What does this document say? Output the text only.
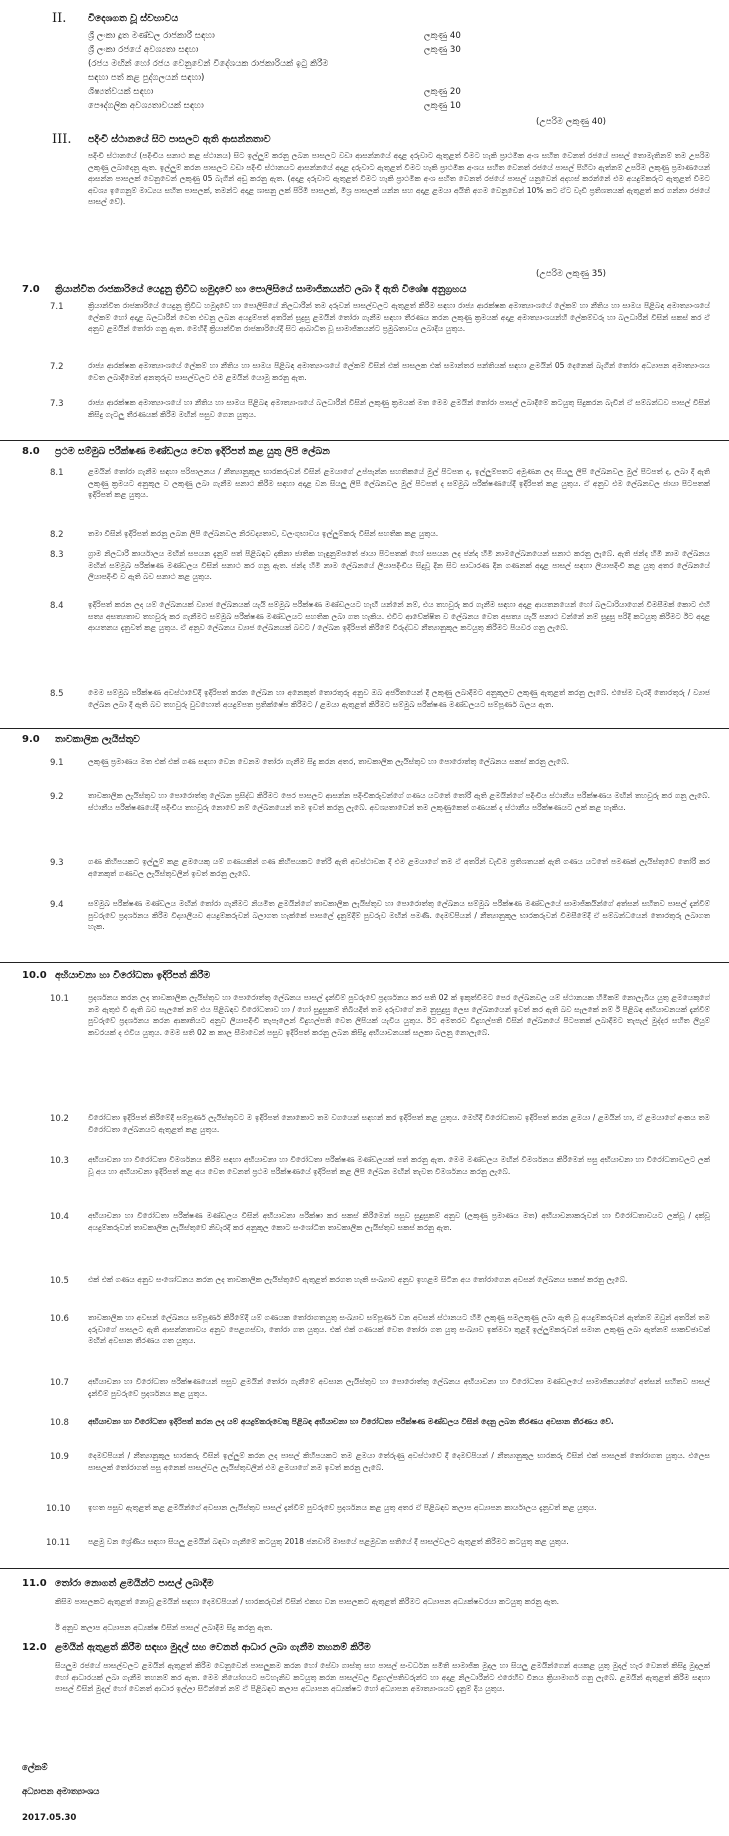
II. විදෙශගත වූ ස්වභාවය
ශ්‍රී ලංකා දූත මණ්ඩල රාජකාරී සඳහා	ලකුණු 40
ශ්‍රී ලංකා රජයේ අවශ්‍යතා සඳහා	ලකුණු 30
(රජය මඟින් හෝ රජය වෙනුවෙන් විදේශයක රාජකාරියක් ඉටු කිරීම
සඳහා පත් කළ පුද්ගලයන් සඳහා)
ශිෂ්‍යත්වයක් සඳහා	ලකුණු 20
පෞද්ගලික අවශ්‍යතාවයක් සඳහා	ලකුණු 10
(උපරිම ලකුණු 40)
III. පදිංචි ස්ථානයේ සිට පාසලට ඇති ආසන්නතාව
පදිංචි ස්ථානයේ (පදිංචිය සනාථ කළ ස්ථානය) සිට ඉල්ලුම් කරනු ලබන පාසලට වඩා ආසන්නයේ අදාළ දරුවාට ඇතුළත් වීමට හැකි ප්‍රාථමික අංශ සහිත වෙනත් රජයේ පාසල් තොමැතිනම් තම උපරිම ලකුණු ලබාදෙනු ඇත. ඉල්ලුම් කරන පාසලට වඩා පදිංචි ස්ථානයට ආසන්නයේ අදාළ දරුවාට ඇතුළත් වීමට හැකි ප්‍රාථමික අංශය සහිත වෙනත් රජයේ පාසල් පිහිටා ඇත්නම් උපරිම ලකුණු ප්‍රමාණයෙන් ආසන්න පාසලක් වෙනුවෙන් ලකුණු 05 බැගින් අඩු කරනු ඇත. (අදාළ දරුවාට ඇතුළත් විමට හැකි ප්‍රාථමික අංශ සහිත වෙනත් රජයේ පාසල් යනුවෙන් අදහස් කරන්නේ එම අයදුම්කරුට ඇතුළත් විමට අවශ්‍ය ඉගෙනුම් මාධ්‍යය සහිත පාසලක්, තමන්ට අදාළ ශාසනු ලක් පිරිමි පාසලක්, මිශ්‍ර පාසලක් යන්න සහ අදාළ ළමයා අයිති අගම වෙනුවෙන් 10% කට ඒට වැඩි ප්‍රතිශතයක් ඇතුළත් කර ගන්නා රජයේ පාසල් වේ).
(උපරිම ලකුණු 35)
7.0 ක්‍රියාන්විත රාජකාරියේ යෙදුනු ත්‍රිවිධ හමුදාවේ හා පොලිසියේ සාමාජිකයන්ට ලබා දී ඇති විශේෂ අනුග්‍රහය
7.1	ක්‍රියාන්විත රාජකාරියේ යෙදුනු ත්‍රිවිධ හමුදාවේ හා පොලිසියේ නිලධාරීන් තම දරුවන් පාසල්වලට ඇතුළත් කිරීම සඳහා රාජ්‍ය ආරක්ෂක අමාත්‍යාංශයේ ලේකම් හා නීතිය හා සාමය පිළිබඳ අමාත්‍යාංශයේ ලේකම් හෝ අදාළ බලධාරීන් වෙත එවනු ලබන අයදුම්පත් අතරින් සුදුසු ළමයින් තෝරා ගැනීම සඳහා තීරණය කරන ලකුණු ක්‍රමයක් අදාළ අමාත්‍යාංශයන්හි ලේකම්වරු හා බලධාරීන් විසින් සකස් කර ඒ අනුව ළමයින් තෝරා ගනු ඇත. මෙහිදී ක්‍රියාන්විත රාජකාරියේදී සිට ආබාධිත වූ සාමාජිකයන්ට ප්‍රමුඛතාවය ලබාදිය යුතුය.
7.2	රාජ්‍ය ආරක්ෂක අමාත්‍යාංශයේ ලේකම් හා නීතිය හා සාමය පිළිබඳ අමාත්‍යාංශයේ ලේකම් විසින් එක් පාසලක එක් සමාන්තර පන්තියක් සඳහා ළමයින් 05 දෙනෙක් බැගින් තෝරා අධ්‍යාපන අමාත්‍යාංශය වෙත ලබාදීමෙන් අනතුරුව පාසල්වලට එම ළමයින් යොමු කරනු ඇත.
7.3	රාජ්‍ය ආරක්ෂක අමාත්‍යාංශයේ හා නීතිය හා සාමය පිළිබඳ අමාත්‍යාංශයේ බලධාරීන් විසින් ලකුණු ක්‍රමයක් මත මෙම ළමයින් තෝරා පාසල් ලබාදීමේ කටයුතු සිදුකරන බැවින් ඒ සම්බන්ධව පාසල් විසින් කිසිදු ගැටලු තීරණයක් කිරීම මඟින් පසුව ගෙන යුතුය.
8.0 ප්‍රථම සම්මුඛ පරීක්ෂණ මණ්ඩලය වෙත ඉදිරිපත් කළ යුතු ලිපි ලේඛන
8.1	ළමයින් තෝරා ගැනීම සඳහා පරිපාලනය / නීත්‍යානුකූල භාරකරුවන් විසින් ළමයාගේ උප්පැන්න සහතිකයේ මුල් පිටපත ද, ඉල්ලුම්පතට අමුණන ලද සියලු ලිපි ලේඛනවල මුල් පිටපත් ද, ලබා දී ඇති ලකුණු ක්‍රමයට අනුකූල ව ලකුණු ලබා ගැනීම සනාථ කිරීම සඳහා අදාළ වන සියලු ලිපි ලේඛනවල මුල් පිටපත් ද සම්මුඛ පරීක්ෂණයේදී ඉදිරිපත් කළ යුතුය. ඒ අනුව එම ලේඛනවල ජායා පිටපතක් ඉදිරිපත් කළ යුතුය.
8.2	තමා විසින් ඉදිරිපත් කරනු ලබන ලිපි ලේඛනවල නිරවද්‍යතාව, වලංගුභාවය ඉල්ලුම්කරු විසින් සහතික කළ යුතුය.
8.3	ග්‍රාම නිලධාරී කාර්යාලය මඟින් සපයන දැනුම් පත් පිළිබඳව දකිනා ජාතික හැඳුනුම්පතේ ඡායා පිටපතක් හෝ සපයන ලද ජන්ද හිමි නාමලේඛනයෙන් සනාථ කරනු ලැබේ. ඇති ජන්ද හිමි නාම ලේඛනය මඟින් සම්මුඛ පරීක්ෂණ මණ්ඩලය විසින් සනාථ කර ගනු ඇත. ජන්ද හිමි නාම ලේඛනයේ ලියාපදිංචිය සිදුවූ දින සිට සාධාරණ දින ගණනක් අදාළ පාසල් සඳහා ලියාපදිංචි කළ යුතු අතර ලේඛනයේ ලියාපදිංචි ව ඇති බව සනාථ කළ යුතුය.
8.4	ඉදිරිපත් කරන ලද යම් ලේඛනයක් ව්‍යාජ ලේඛනයක් යැයි සම්මුඛ පරීක්ෂණ මණ්ඩලයට හැඟී යන්නේ නම්, එය තහවුරු කර ගැනීම සඳහා අදාළ ආයතනයෙන් හෝ බලධාරියාගෙන් විමසීමක් කොට එහි සත්‍ය අසත්‍යතාව තහවුරු කර ගැනීමට සම්මුඛ පරීක්ෂණ මණ්ඩලයට සහතික ලබා ගත හැකිය. එවිට ආවේක්ෂිත ව ලේඛනය වෙත අසත්‍ය යැයි සනාථ වන්නේ නම් සුදුසු පරිදි කටයුතු කිරීමට ඊට අදාළ ආයතනය දැනුවත් කළ යුතුය. ඒ අනුව ලේඛනය ව්‍යාජ ලේඛනයක් බවට / ලේඛන ඉදිරිපත් කිරීමේ විරුද්ධව නීත්‍යානුකූල කටයුතු කිරීමට පියවර ගනු ලැබේ.
8.5	මෙම සම්මුඛ පරීක්ෂණ අවස්ථාවේදී ඉදිරිපත් කරන ලේඛන හා අනෙකුත් තොරතුරු අනුව ඔබ අර්ජිතයෙන් දී ලකුණු ලබාදීමට අනුකූලව ලකුණු ඇතුළත් කරනු ලැබේ. එසේම වැරදි තොරතුරු / ව්‍යාජ ලේඛන ලබා දී ඇති බව තහවුරු වුවහොත් අයදුම්පත ප්‍රතික්ෂේප කිරීමට / ළමයා ඇතුළත් කිරීමට සම්මුඛ පරීක්ෂණ මණ්ඩලයට සම්පූර්ණ බලය ඇත.
9.0 තාවකාලික ලැයිස්තුව
9.1	ලකුණු ප්‍රමාණය මත එක් එක් ගණ සඳහා වෙන වෙනම තෝරා ගැනීම සිදු කරන අතර, තාවකාලික ලැයිස්තුව හා පොරොත්තු ලේඛනය සකස් කරනු ලැබේ.
9.2	තාවකාලික ලැයිස්තුව හා පොරොත්තු ලේඛන ප්‍රසිද්ධ කිරීමට පෙර පාසලට ආසන්න පදිංචිකරුවන්ගේ ගණය යටතේ තෝරී ඇති ළමයින්ගේ පදිංචිය ස්ථානීය පරීක්ෂණය මඟින් තහවුරු කර ගනු ලැබේ. ස්ථානීය පරීක්ෂණයේදී පදිංචිය තහවුරු නොවේ නම් ලේඛනයෙන් තම ඉවත් කරනු ලැබේ. අවශ්‍යතාවෙන් තම ලකුණුකෙත් ගණයක් ද ස්ථානීය පරීක්ෂණයට ලක් කළ හැකිය.
9.3	ගණ කිහිපයකට ඉල්ලුම් කළ ළමයෙකු යම් ගණයකින් ගණ කිහිපයකට තේරී ඇති අවස්ථාවක දී එම ළමයාගේ තම ඒ අතරින් වැඩිම ප්‍රතිශතයක් ඇති ගණය යටතේ පමණක් ලැයිස්තුවේ තෝරී කර අනෙකුත් ගණවල ලැයිස්තුවලින් ඉවත් කරනු ලැබේ.
9.4	සම්මුඛ පරීක්ෂණ මණ්ඩලය මඟින් තෝරා ගැනීමට නියමිත ළමයින්ගේ තාවකාලික ලැයිස්තුව හා පොරොත්තු ලේඛනය සම්මුඛ පරීක්ෂණ මණ්ඩලයේ සාමාජිකයින්ගේ අත්සන් සහිතව පාසල් දැන්වීම් පුවරුවේ ප්‍රදර්ශනය කිරීම විද්‍යාලීයව අයදුම්කරුවන් බලාගත හැක්කේ පාසලේ දැනුම්දීම් පුවරුව මඟින් පමණි. දෙමව්පියන් / නීත්‍යානුකූල භාරකරුවන් විමසීමේදී ඒ සම්බන්ධයෙන් තොරතුරු ලබාගත හැක.
10.0 අභියාචනා හා විරෝධතා ඉදිරිපත් කිරීම
10.1	ප්‍රදර්ශනය කරන ලද තාවකාලික ලැයිස්තුව හා පොරොත්තු ලේඛනය පාසල් දැන්වීම් පුවරුවේ ප්‍රදර්ශනය කර සති 02 ක් ඉකුත්වීමට පෙර ලේඛනවල යම් ස්ථානයක හිමිකම් නොලැබිය යුතු ළමයෙකුගේ නම ඇතුළු වී ඇති බව සැලකේ නම් එය පිළිබඳව විරෝධතාව හා / හෝ සුදුසුකම් තිබියදීත් තම දරුවාගේ නම නුසුදුසු ලෙස ලේඛනයෙන් ඉවත් කර ඇති බව සැලකේ නම් ඊ පිළිබඳ අභියාචනයක් දැන්වීම් පුවරුවේ ප්‍රදර්ශනය කරන ආකෘතියට අනුව ලියාපදිංචි තැපෑලෙන් විදුහල්පති වෙත ලිපියක් යැවිය යුතුය. ඊට අමතරව විදුහල්පති විසින් ලේඛනයේ පිටපතක් ලබාදීමට තැපැල් මුද්දර සහිත ලියුම් කවරයක් ද එවිය යුතුය. මෙම සති 02 ක කාල සීමාවෙන් පසුව ඉදිරිපත් කරනු ලබන කිසිදු අභියාචනයක් සලකා බලනු නොලැබේ.
10.2	විරෝධතා ඉදිරිපත් කිරීමේදී සම්පූර්ණ ලැයිස්තුවට ම ඉදිරිපත් නොකොට තම වගයෙන් සඳහන් කර ඉදිරිපත් කළ යුතුය. මෙහිදී විරෝධතාව ඉදිරිපත් කරන ළමයා / ළමයින් හා, ඒ ළමයාගේ අංකය තම විරෝධතා ලේඛනයට ඇතුළත් කළ යුතුය.
10.3	අභියාචනා හා විරෝධතා විමර්ශනය කිරීම සඳහා අභියාචනා හා විරෝධතා පරීක්ෂණ මණ්ඩලයක් පත් කරනු ඇත. මෙම මණ්ඩලය මඟින් විමර්ශනය කිරීමෙන් පසු අභියාචනා හා විරෝධතාවලට ලක් වූ අය හා අභියාචනා ඉදිරිපත් කළ අය වෙත වෙනත් ප්‍රථම පරීක්ෂණයේ ඉදිරිපත් කළ ලිපි ලේඛන මඟින් තැවත විමර්ශනය කරනු ලැබේ.
10.4	අභියාචනා හා විරෝධතා පරීක්ෂණ මණ්ඩලය විසින් අභියාචනා පරීක්ෂා කර සකස් කිරීමෙන් පසුව සුදුසුකම් අනුව (ලකුණු ප්‍රමාණය මත) අභියාචනාකරුවන් හා විරෝධතාවයට ලක්වූ / දක්වූ අයදුම්කරුවන් තාවකාලික ලැයිස්තුවේ නිවැරදි කර අනුකූල කොට සංශෝධිත තාවකාලික ලැයිස්තුව සකස් කරනු ඇත.
10.5	එක් එක් ගණය අනුව සංශෝධනය කරන ලද තාවකාලික ලැයිස්තුවේ ඇතුළත් කරගත හැකි සංඛ්‍යාව අනුව ඉහළම සිටින අය තෝරාගෙන අවසන් ලේඛනය සකස් කරනු ලැබේ.
10.6	තාවකාලික හා අවසන් ලේඛනය සම්පූර්ණ කිරීමේදී යම් ගණයක තෝරාගතයුතු සංඛ්‍යාව සම්පූර්ණ වන අවසන් ස්ථානයට හිමි ලකුණු සමලකුණු ලබා ඇති වූ අයදුම්කරුවන් ඇත්නම් ඔවුන් අතරින් තම දරුවාගේ පාසලට ඇති ආසන්නතාවය අනුව පෙළගස්වා, තෝරා ගත යුතුය. එක් එක් ගණයක් වෙත තෝරා ගත යුතු සංඛ්‍යාව ඉක්මවා තුළදී ඉල්ලුම්කරුවන් සමාන ලකුණු ලබා ඇත්නම් සාකච්ඡාවක් මඟින් අවසාන තීරණය ගත යුතුය.
10.7	අභියාචනා හා විරෝධතා පරීක්ෂණයෙන් පසුව ළමයින් තෝරා ගැනීමේ අවසාන ලැයිස්තුව හා පොරොත්තු ලේඛනය අභියාචනා හා විරෝධතා මණ්ඩලයේ සාමාජිකයන්ගේ අත්සන් සහිතව පාසල් දැන්වීම් පුවරුවේ ප්‍රදර්ශනය කළ යුතුය.
10.8	අභියාචනා හා විරෝධතා ඉදිරිපත් කරන ලද යම් අයදුම්කරුවෙකු පිළිබඳ අභියාචනා හා විරෝධතා පරීක්ෂණ මණ්ඩලය විසින් දෙනු ලබන තීරණය අවසාන තීරණය වේ.
10.9	දෙමව්පියන් / නීත්‍යානුකූල භාරකරු විසින් ඉල්ලුම් කරන ලද පාසල් කිහිපයකට තම ළමයා තේරුණු අවස්ථාවේ දී දෙමව්පියන් / නීත්‍යානුකූල භාරකරු විසින් එක් පාසලක් තෝරාගත යුතුය. එලෙස පාසලක් තෝරාගත් පසු අනෙක් පාසල්වල ලැයිස්තුවලින් එම ළමයාගේ නම ඉවත් කරනු ලැබේ.
10.10 ඉහත පසුව ඇතුළත් කළ ළමයින්ගේ අවසාන ලැයිස්තුව පාසල් දැන්වීම් පුවරුවේ ප්‍රදර්ශනය කළ යුතු අතර ඒ පිළිබඳව කලාප අධ්‍යාපන කාර්යාලය දැනුවත් කළ යුතුය.
10.11 පළමු වන ශ්‍රේණිය සඳහා සියලු ළමයින් බඳවා ගැනීමේ කටයුතු 2018 ජනවාරි මාසයේ පළමුවන සතියේ දී පාසල්වලට ඇතුළත් කිරීමට කටයුතු කළ යුතුය.
11.0 තෝරා නොගත් ළමයින්ට පාසල් ලබාදීම
කිසිම පාසලකට ඇතුළත් නොවූ ළමයින් සඳහා දෙමව්පියන් / භාරකරුවන් විසින් එකඟ වන පාසලකට ඇතුළත් කිරීමට අධ්‍යාපන අධ්‍යක්ෂවරයා කටයුතු කරනු ඇත.
ඊ අනුව කලාප අධ්‍යාපන අධ්‍යක්ෂ විසින් පාසල් ලබාදීම සිදු කරනු ඇත.
12.0 ළමයින් ඇතුළත් කිරීම සඳහා මුදල් සහ වෙනත් ආධාර ලබා ගැනීම තහනම් කිරීම
සියලුම රජයේ පාසල්වලට ළමයින් ඇතුළත් කිරීම වෙනුවෙන් පාසලුකම කරන හෝ සේවා ගාස්තු සහ පාසල් සංවර්ධන සමිති සාමාජික මුදල හා සියලු ළමයින්ගෙන් අයකළ යුතු මුදල් හැර වෙනත් කිසිදු මුදලක් හෝ ආධාරයක් ලබා ගැනීම තහනම් කර ඇත. මෙම නියෝගයට පටහැනිව කටයුතු කරන පාසල්වල විදුහල්පතිවරුන්ට හා අදාළ නිලධාරීන්ට එරෙහිව විනය ක්‍රියාමාර්ග ගනු ලැබේ. ළමයින් ඇතුළත් කිරීම සඳහා පාසල් විසින් මුදල් හෝ වෙනත් ආධාර ඉල්ලා සිටින්නේ නම් ඒ පිළිබඳව කලාප අධ්‍යාපන අධ්‍යක්ෂට හෝ අධ්‍යාපන අමාත්‍යාංශයට දැනුම් දිය යුතුය.
ලේකම්
අධ්‍යාපන අමාත්‍යාංශය
2017.05.30
